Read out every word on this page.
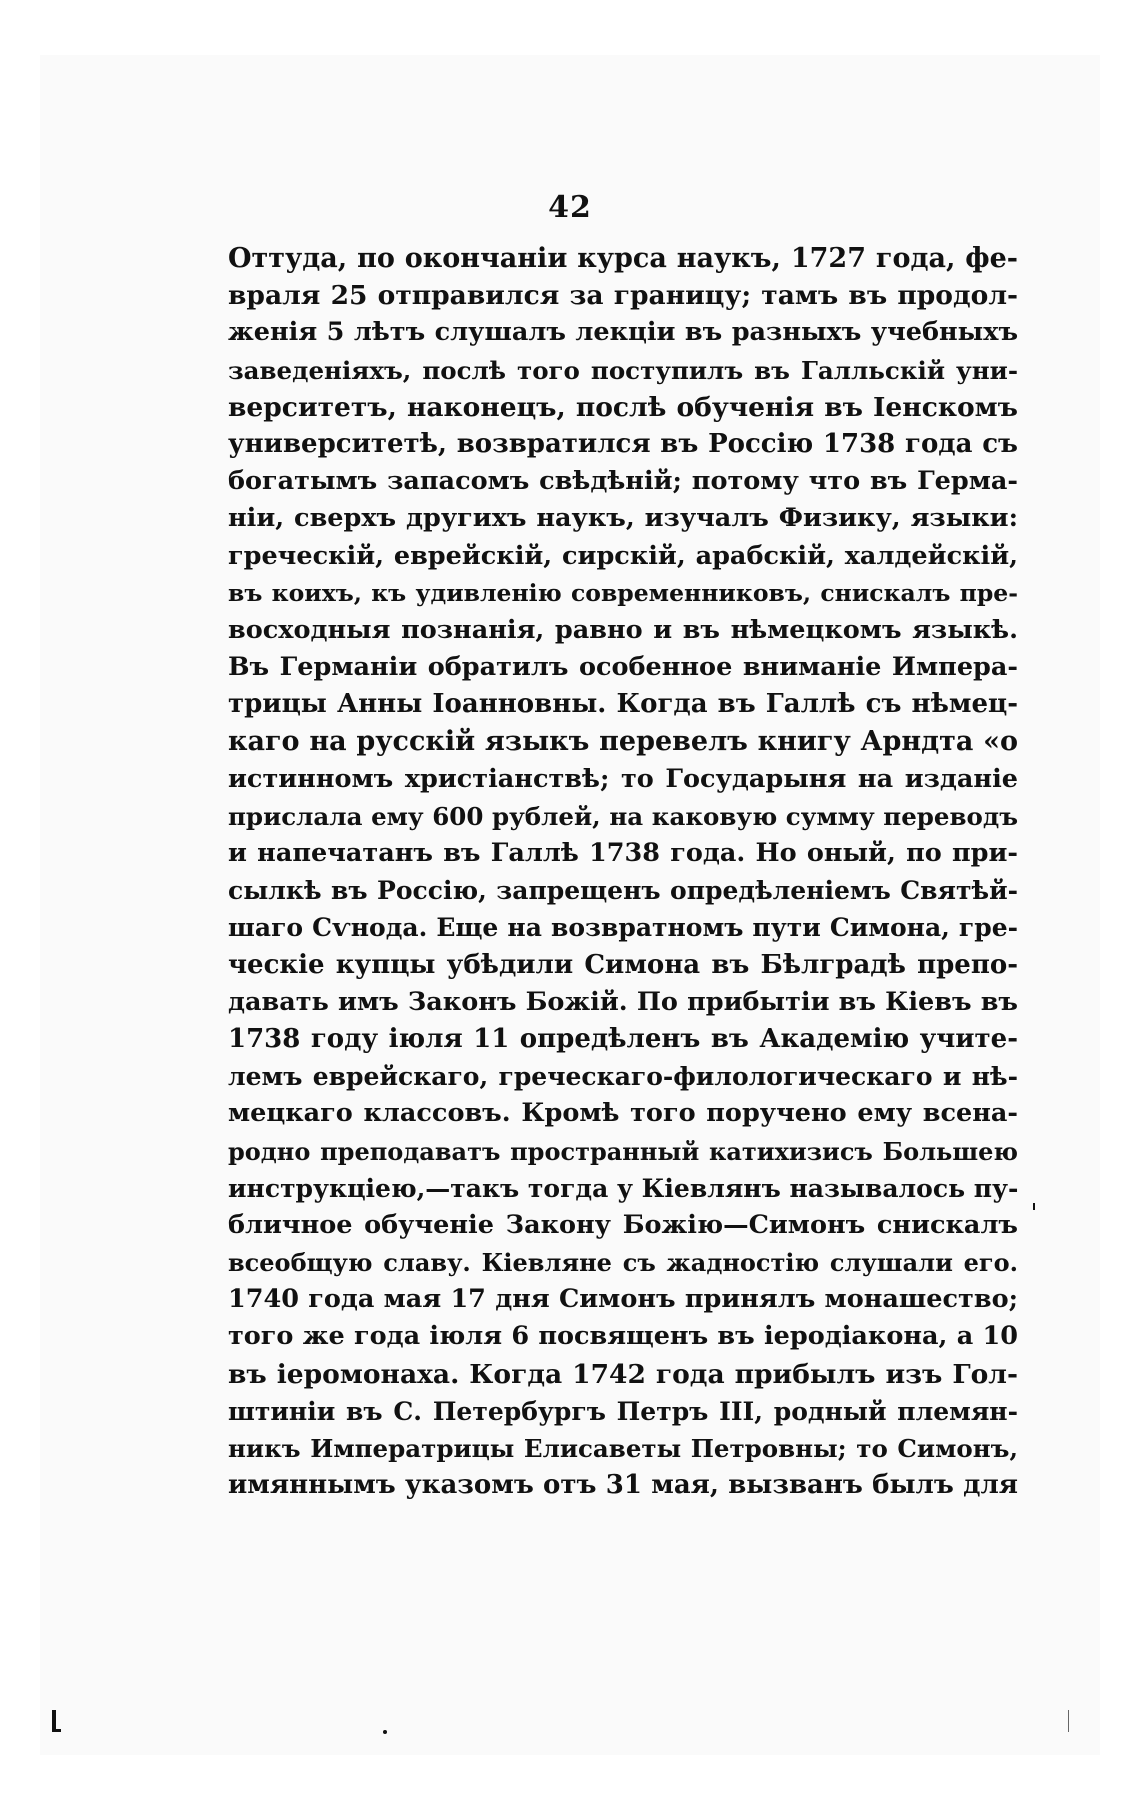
42
Оттуда, по окончаніи курса наукъ, 1727 года, фе-
враля 25 отправился за границу; тамъ въ продол-
женія 5 лѣтъ слушалъ лекціи въ разныхъ учебныхъ
заведеніяхъ, послѣ того поступилъ въ Галльскій уни-
верситетъ, наконецъ, послѣ обученія въ Іенскомъ
университетѣ, возвратился въ Россію 1738 года съ
богатымъ запасомъ свѣдѣній; потому что въ Герма-
ніи, сверхъ другихъ наукъ, изучалъ Физику, языки:
греческій, еврейскій, сирскій, арабскій, халдейскій,
въ коихъ, къ удивленію современниковъ, снискалъ пре-
восходныя познанія, равно и въ нѣмецкомъ языкѣ.
Въ Германіи обратилъ особенное вниманіе Импера-
трицы Анны Іоанновны. Когда въ Галлѣ съ нѣмец-
каго на русскій языкъ перевелъ книгу Арндта «о
истинномъ христіанствѣ; то Государыня на изданіе
прислала ему 600 рублей, на каковую сумму переводъ
и напечатанъ въ Галлѣ 1738 года. Но оный, по при-
сылкѣ въ Россію, запрещенъ опредѣленіемъ Святѣй-
шаго Сѵнода. Еще на возвратномъ пути Симона, гре-
ческіе купцы убѣдили Симона въ Бѣлградѣ препо-
давать имъ Законъ Божій. По прибытіи въ Кіевъ въ
1738 году іюля 11 опредѣленъ въ Академію учите-
лемъ еврейскаго, греческаго-филологическаго и нѣ-
мецкаго классовъ. Кромѣ того поручено ему всена-
родно преподаватъ пространный катихизисъ Большею
инструкціею,—такъ тогда у Кіевлянъ называлось пу-
бличное обученіе Закону Божію—Симонъ снискалъ
всеобщую славу. Кіевляне съ жадностію слушали его.
1740 года мая 17 дня Симонъ принялъ монашество;
того же года іюля 6 посвященъ въ іеродіакона, а 10
въ іеромонаха. Когда 1742 года прибылъ изъ Гол-
штиніи въ С. Петербургъ Петръ III, родный племян-
никъ Императрицы Елисаветы Петровны; то Симонъ,
имяннымъ указомъ отъ 31 мая, вызванъ былъ для
